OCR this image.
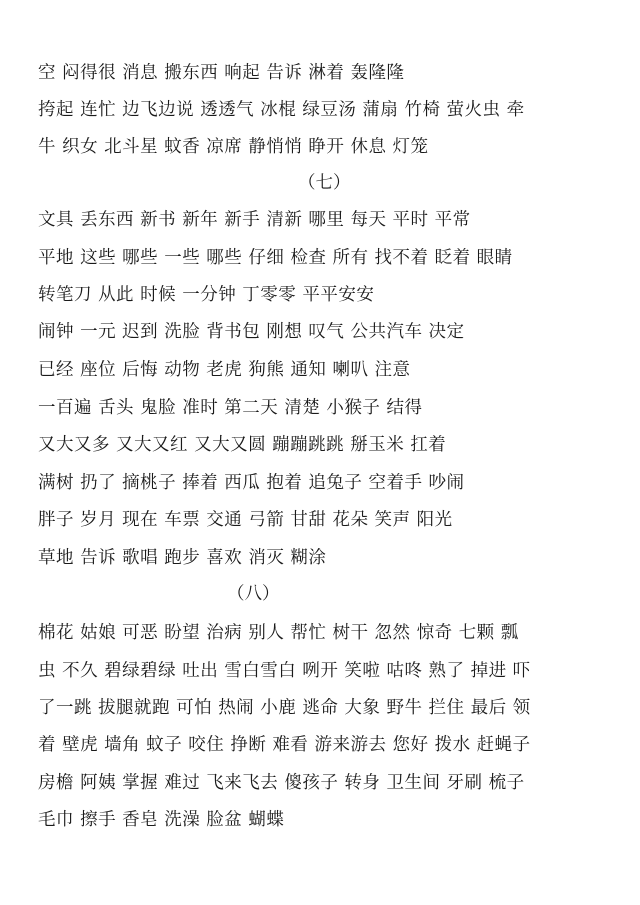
空 闷得很 消息 搬东西 响起 告诉 淋着 轰隆隆
挎起 连忙 边飞边说 透透气 冰棍 绿豆汤 蒲扇 竹椅 萤火虫 牵
牛 织女 北斗星 蚊香 凉席 静悄悄 睁开 休息 灯笼
（七）
文具 丢东西 新书 新年 新手 清新 哪里 每天 平时 平常
平地 这些 哪些 一些 哪些 仔细 检查 所有 找不着 眨着 眼睛
转笔刀 从此 时候 一分钟 丁零零 平平安安
闹钟 一元 迟到 洗脸 背书包 刚想 叹气 公共汽车 决定
已经 座位 后悔 动物 老虎 狗熊 通知 喇叭 注意
一百遍 舌头 鬼脸 准时 第二天 清楚 小猴子 结得
又大又多 又大又红 又大又圆 蹦蹦跳跳 掰玉米 扛着
满树 扔了 摘桃子 捧着 西瓜 抱着 追兔子 空着手 吵闹
胖子 岁月 现在 车票 交通 弓箭 甘甜 花朵 笑声 阳光
草地 告诉 歌唱 跑步 喜欢 消灭 糊涂
（八）
棉花 姑娘 可恶 盼望 治病 别人 帮忙 树干 忽然 惊奇 七颗 瓢
虫 不久 碧绿碧绿 吐出 雪白雪白 咧开 笑啦 咕咚 熟了 掉进 吓
了一跳 拔腿就跑 可怕 热闹 小鹿 逃命 大象 野牛 拦住 最后 领
着 壁虎 墙角 蚊子 咬住 挣断 难看 游来游去 您好 拨水 赶蝇子
房檐 阿姨 掌握 难过 飞来飞去 傻孩子 转身 卫生间 牙刷 梳子
毛巾 擦手 香皂 洗澡 脸盆 蝴蝶
